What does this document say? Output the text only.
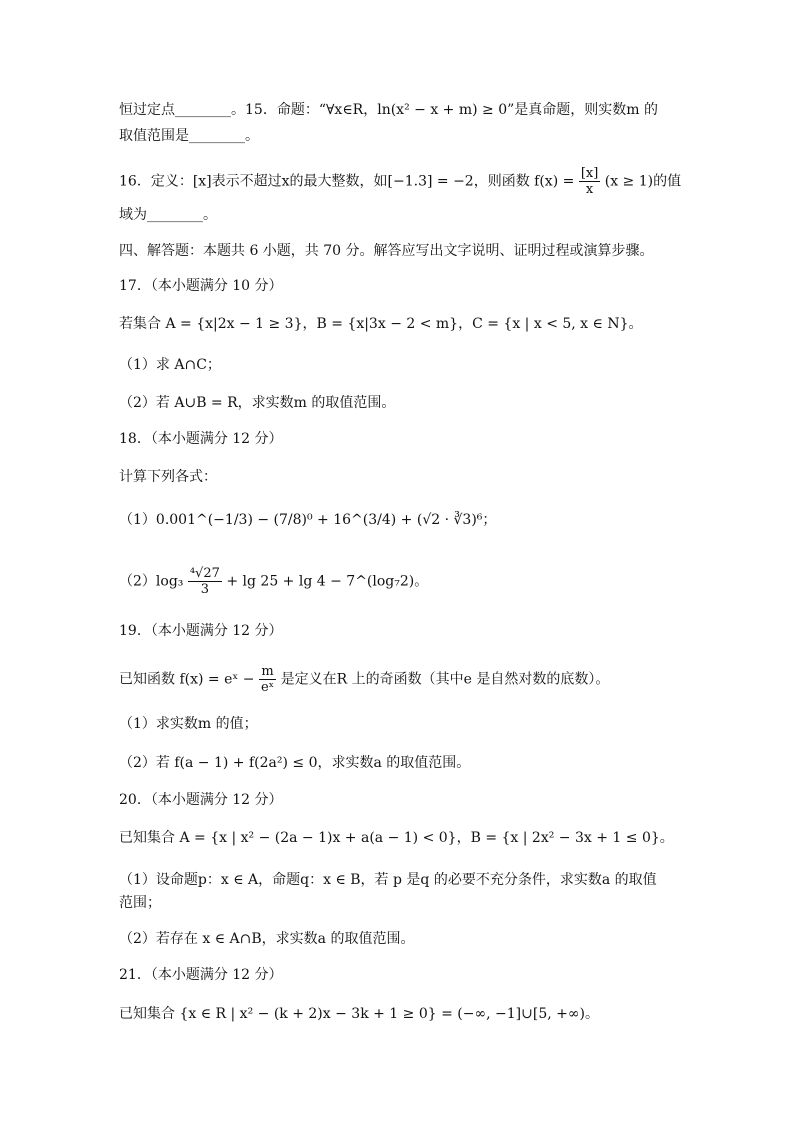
恒过定点________。15．命题：“∀x∈R，ln(x² − x + m) ≥ 0”是真命题，则实数m 的
取值范围是________。
16．定义：[x]表示不超过x的最大整数，如[−1.3] = −2，则函数 $f(x) = \frac{[x]}{x} (x \ge 1)$的值
域为________。
四、解答题：本题共 6 小题，共 70 分。解答应写出文字说明、证明过程或演算步骤。
17．（本小题满分 10 分）
若集合 A = {x|2x − 1 ≥ 3}，B = {x|3x − 2 < m}，C = {x | x < 5, x ∈ N}。
（1）求 A∩C；
（2）若 A∪B = R，求实数m 的取值范围。
18．（本小题满分 12 分）
计算下列各式：
（1）0.001^(−1/3) − (7/8)⁰ + 16^(3/4) + (√2 · ∛3)⁶；
$(2)\log_3 \frac{\text{⁴√27}}{3} + \lg 25 + \lg 4$ − 7^(log₇2)。
19．（本小题满分 12 分）
已知函数 f(x) = eˣ − $\frac{m}{\text{eˣ}}$ 是定义在R 上的奇函数（其中e 是自然对数的底数）。
（1）求实数m 的值；
（2）若 f(a − 1) + f(2a²) ≤ 0，求实数a 的取值范围。
20．（本小题满分 12 分）
已知集合 A = {x | x² − (2a − 1)x + a(a − 1) < 0}，B = {x | 2x² − 3x + 1 ≤ 0}。
（1）设命题p：x ∈ A，命题q：x ∈ B，若 p 是q 的必要不充分条件，求实数a 的取值
范围；
（2）若存在 x ∈ A∩B，求实数a 的取值范围。
21．（本小题满分 12 分）
已知集合 {x ∈ R | x² − (k + 2)x − 3k + 1 ≥ 0} = (−∞, −1]∪[5, +∞)。
